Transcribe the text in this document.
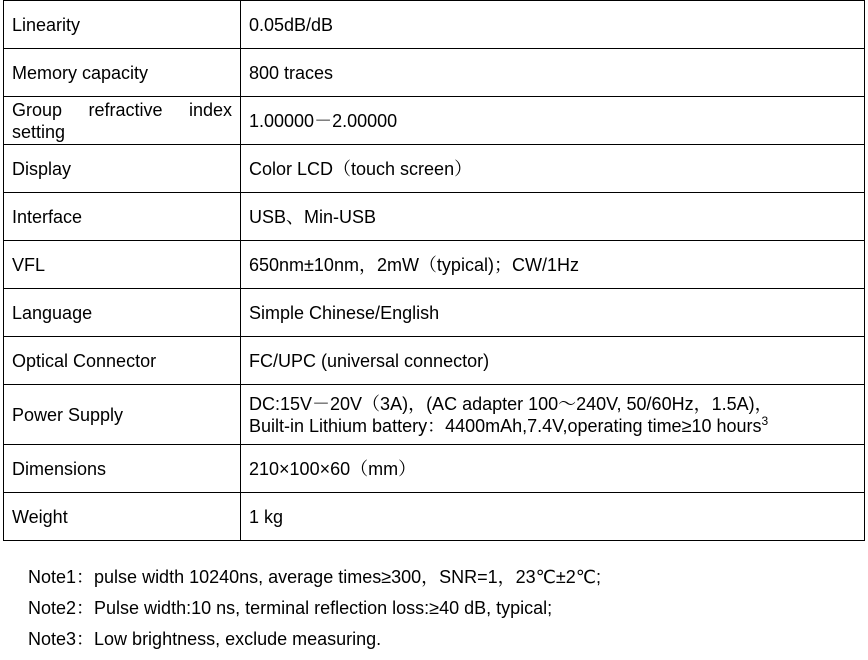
Linearity	0.05dB/dB

Memory capacity	800 traces

Group refractive index setting	1.00000－2.00000

Display	Color LCD（touch screen）

Interface	USB、Min-USB

VFL	650nm±10nm，2mW（typical)；CW/1Hz

Language	Simple Chinese/English

Optical Connector	FC/UPC (universal connector)

Power Supply	DC:15V－20V（3A)，(AC adapter 100～240V, 50/60Hz，1.5A)，
Built-in Lithium battery：4400mAh,7.4V,operating time≥10 hours$^3$

Dimensions	210×100×60（mm）

Weight	1 kg
Note1：pulse width 10240ns, average times≥300，SNR=1，23℃±2℃;
Note2：Pulse width:10 ns, terminal reflection loss:≥40 dB, typical;
Note3：Low brightness, exclude measuring.
